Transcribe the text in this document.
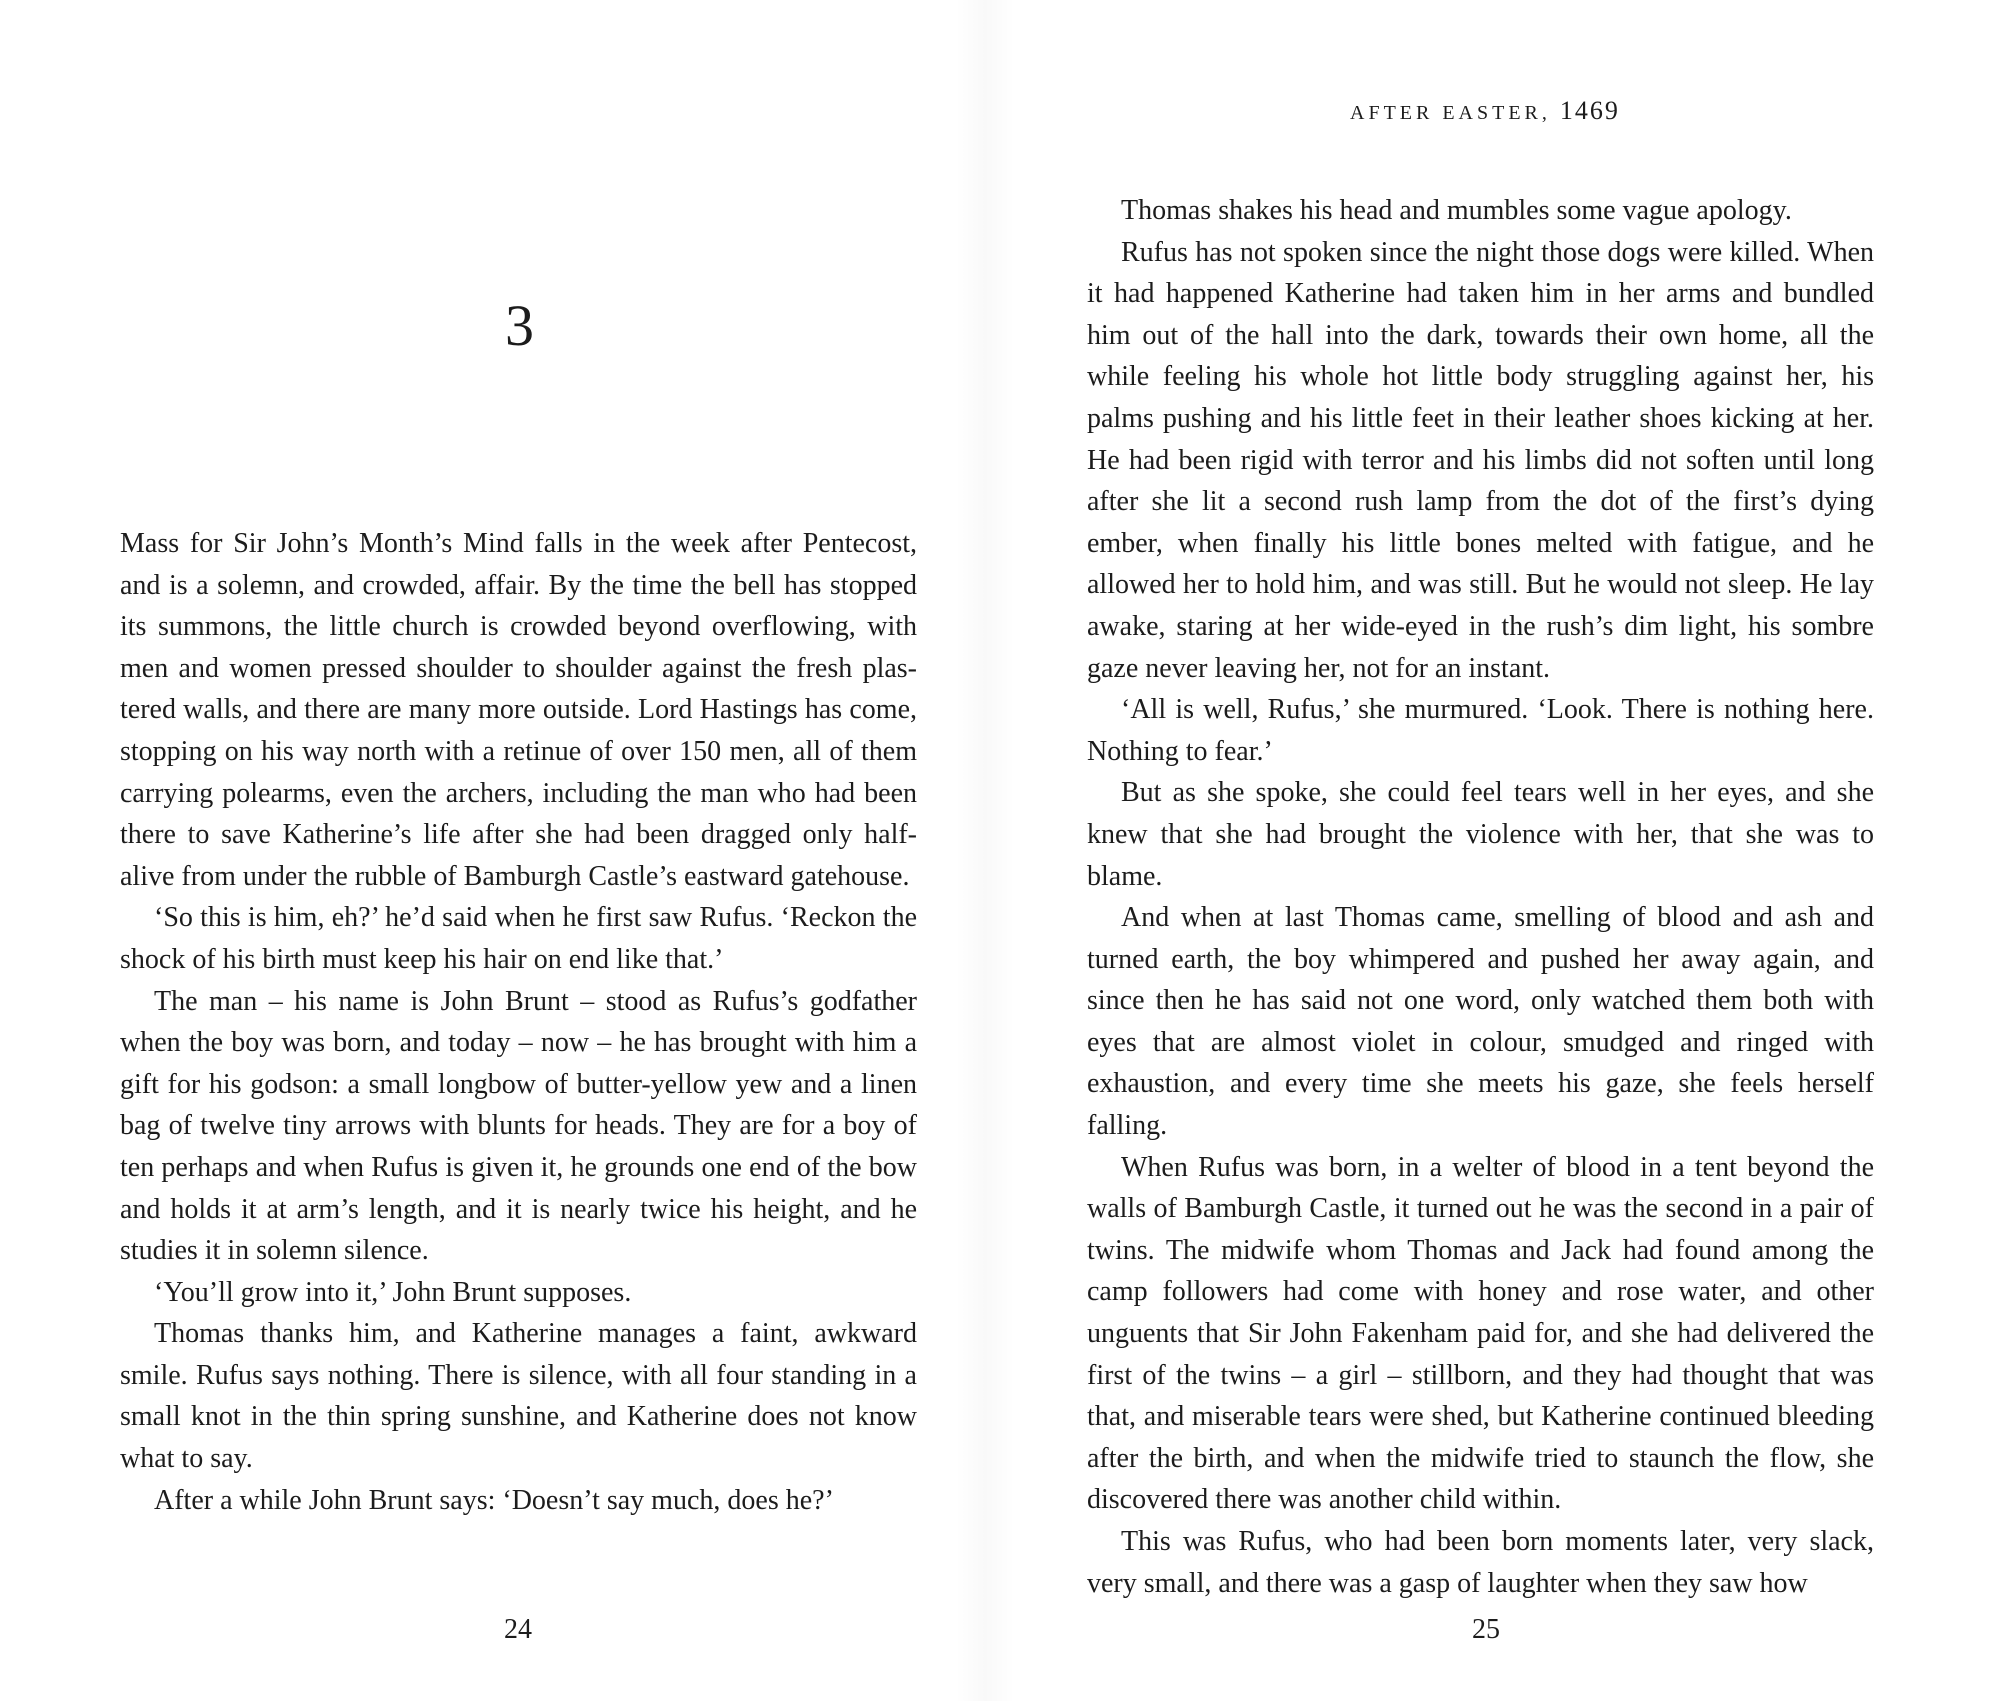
3

Mass for Sir John’s Month’s Mind falls in the week after Pentecost, and is a solemn, and crowded, affair. By the time the bell has stopped its summons, the little church is crowded beyond overflowing, with men and women pressed shoulder to shoulder against the fresh plastered walls, and there are many more outside. Lord Hastings has come, stopping on his way north with a retinue of over 150 men, all of them carrying polearms, even the archers, including the man who had been there to save Katherine’s life after she had been dragged only half-alive from under the rubble of Bamburgh Castle’s eastward gatehouse.

‘So this is him, eh?’ he’d said when he first saw Rufus. ‘Reckon the shock of his birth must keep his hair on end like that.’

The man – his name is John Brunt – stood as Rufus’s godfather when the boy was born, and today – now – he has brought with him a gift for his godson: a small longbow of butter-yellow yew and a linen bag of twelve tiny arrows with blunts for heads. They are for a boy of ten perhaps and when Rufus is given it, he grounds one end of the bow and holds it at arm’s length, and it is nearly twice his height, and he studies it in solemn silence.

‘You’ll grow into it,’ John Brunt supposes.

Thomas thanks him, and Katherine manages a faint, awkward smile. Rufus says nothing. There is silence, with all four standing in a small knot in the thin spring sunshine, and Katherine does not know what to say.

After a while John Brunt says: ‘Doesn’t say much, does he?’

24
AFTER EASTER, 1469

Thomas shakes his head and mumbles some vague apology.

Rufus has not spoken since the night those dogs were killed. When it had happened Katherine had taken him in her arms and bundled him out of the hall into the dark, towards their own home, all the while feeling his whole hot little body struggling against her, his palms pushing and his little feet in their leather shoes kicking at her. He had been rigid with terror and his limbs did not soften until long after she lit a second rush lamp from the dot of the first’s dying ember, when finally his little bones melted with fatigue, and he allowed her to hold him, and was still. But he would not sleep. He lay awake, staring at her wide-eyed in the rush’s dim light, his sombre gaze never leaving her, not for an instant.

‘All is well, Rufus,’ she murmured. ‘Look. There is nothing here. Nothing to fear.’

But as she spoke, she could feel tears well in her eyes, and she knew that she had brought the violence with her, that she was to blame.

And when at last Thomas came, smelling of blood and ash and turned earth, the boy whimpered and pushed her away again, and since then he has said not one word, only watched them both with eyes that are almost violet in colour, smudged and ringed with exhaustion, and every time she meets his gaze, she feels herself falling.

When Rufus was born, in a welter of blood in a tent beyond the walls of Bamburgh Castle, it turned out he was the second in a pair of twins. The midwife whom Thomas and Jack had found among the camp followers had come with honey and rose water, and other unguents that Sir John Fakenham paid for, and she had delivered the first of the twins – a girl – stillborn, and they had thought that was that, and miserable tears were shed, but Katherine continued bleeding after the birth, and when the midwife tried to staunch the flow, she discovered there was another child within.

This was Rufus, who had been born moments later, very slack, very small, and there was a gasp of laughter when they saw how

25
